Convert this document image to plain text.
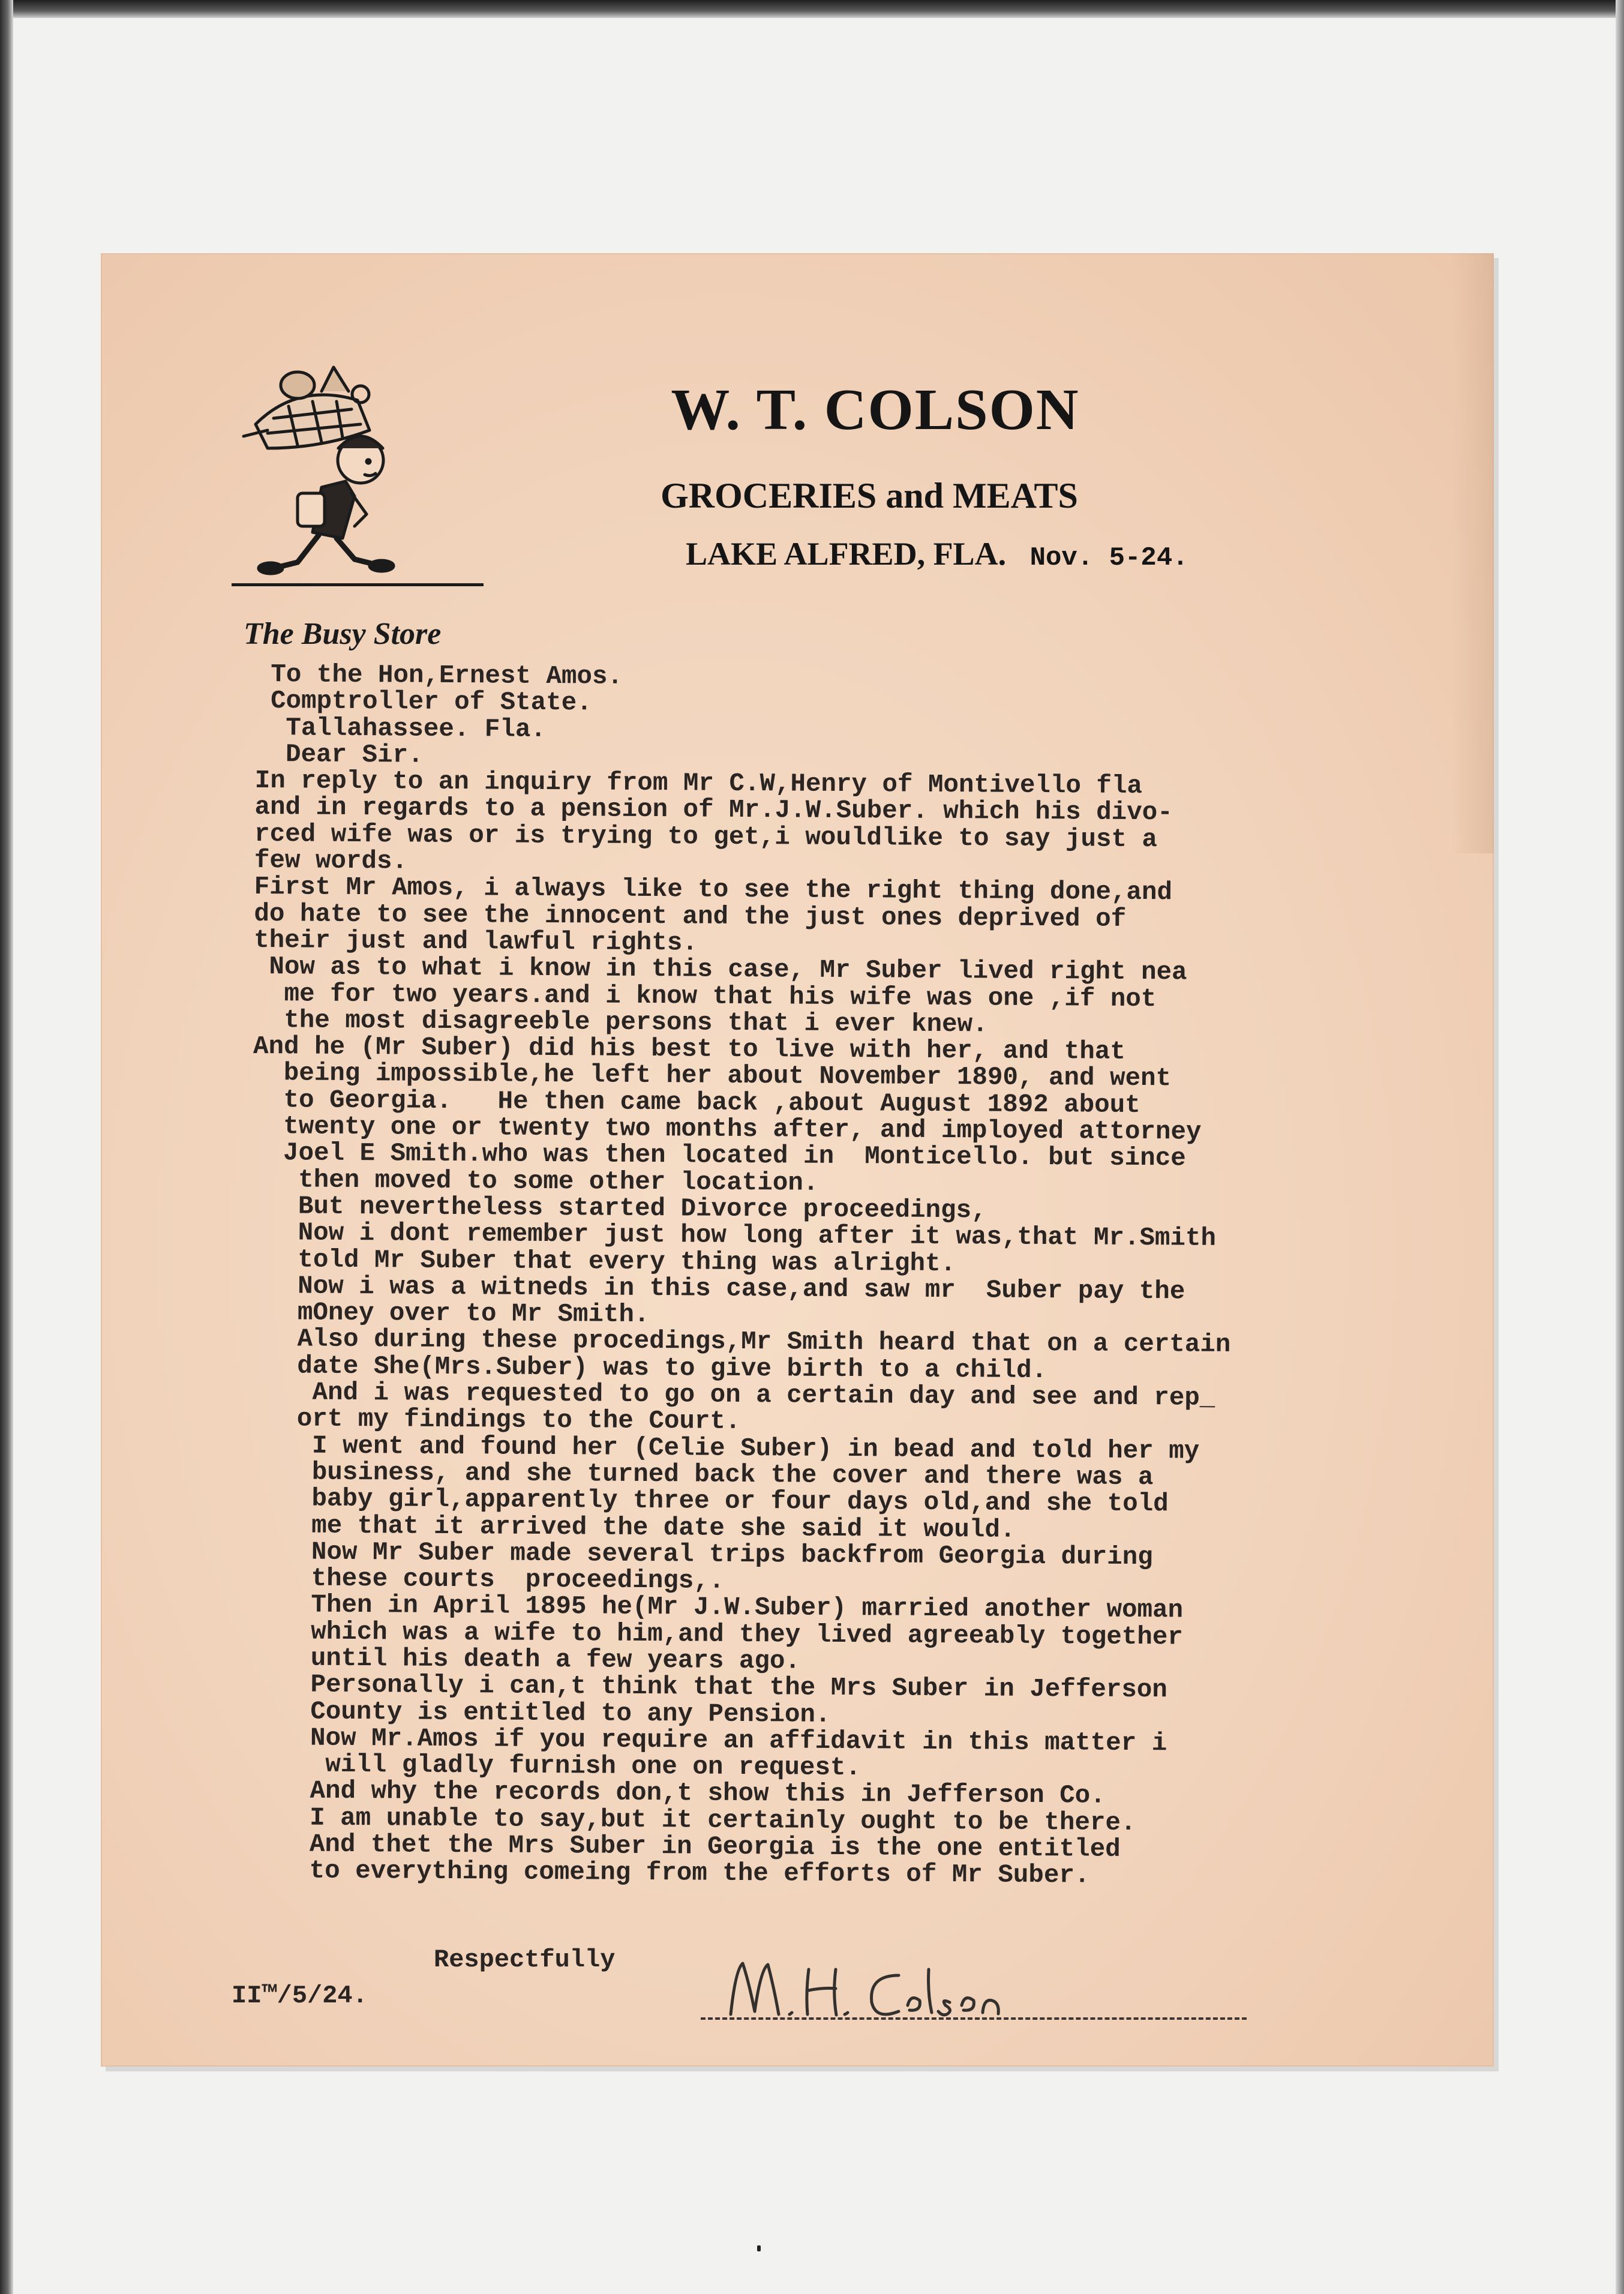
W. T. COLSON
GROCERIES and MEATS
LAKE ALFRED, FLA. Nov. 5-24.
The Busy Store
To the Hon,Ernest Amos.
Comptroller of State.
Tallahassee. Fla.
Dear Sir.
In reply to an inquiry from Mr C.W,Henry of Montivello fla
and in regards to a pension of Mr.J.W.Suber. which his divo-
rced wife was or is trying to get,i wouldlike to say just a
few words.
First Mr Amos, i always like to see the right thing done,and
do hate to see the innocent and the just ones deprived of
their just and lawful rights.
Now as to what i know in this case, Mr Suber lived right nea
me for two years.and i know that his wife was one ,if not
the most disagreeble persons that i ever knew.
And he (Mr Suber) did his best to live with her, and that
being impossible,he left her about November 1890, and went
to Georgia.   He then came back ,about August 1892 about
twenty one or twenty two months after, and imployed attorney
Joel E Smith.who was then located in  Monticello. but since
then moved to some other location.
But nevertheless started Divorce proceedings,
Now i dont remember just how long after it was,that Mr.Smith
told Mr Suber that every thing was alright.
Now i was a witneds in this case,and saw mr  Suber pay the
mOney over to Mr Smith.
Also during these procedings,Mr Smith heard that on a certain
date She(Mrs.Suber) was to give birth to a child.
And i was requested to go on a certain day and see and rep_
ort my findings to the Court.
I went and found her (Celie Suber) in bead and told her my
business, and she turned back the cover and there was a
baby girl,apparently three or four days old,and she told
me that it arrived the date she said it would.
Now Mr Suber made several trips backfrom Georgia during
these courts  proceedings,.
Then in April 1895 he(Mr J.W.Suber) married another woman
which was a wife to him,and they lived agreeably together
until his death a few years ago.
Personally i can,t think that the Mrs Suber in Jefferson
County is entitled to any Pension.
Now Mr.Amos if you require an affidavit in this matter i
will gladly furnish one on request.
And why the records don,t show this in Jefferson Co.
I am unable to say,but it certainly ought to be there.
And thet the Mrs Suber in Georgia is the one entitled
to everything comeing from the efforts of Mr Suber.
Respectfully
II™/5/24.
